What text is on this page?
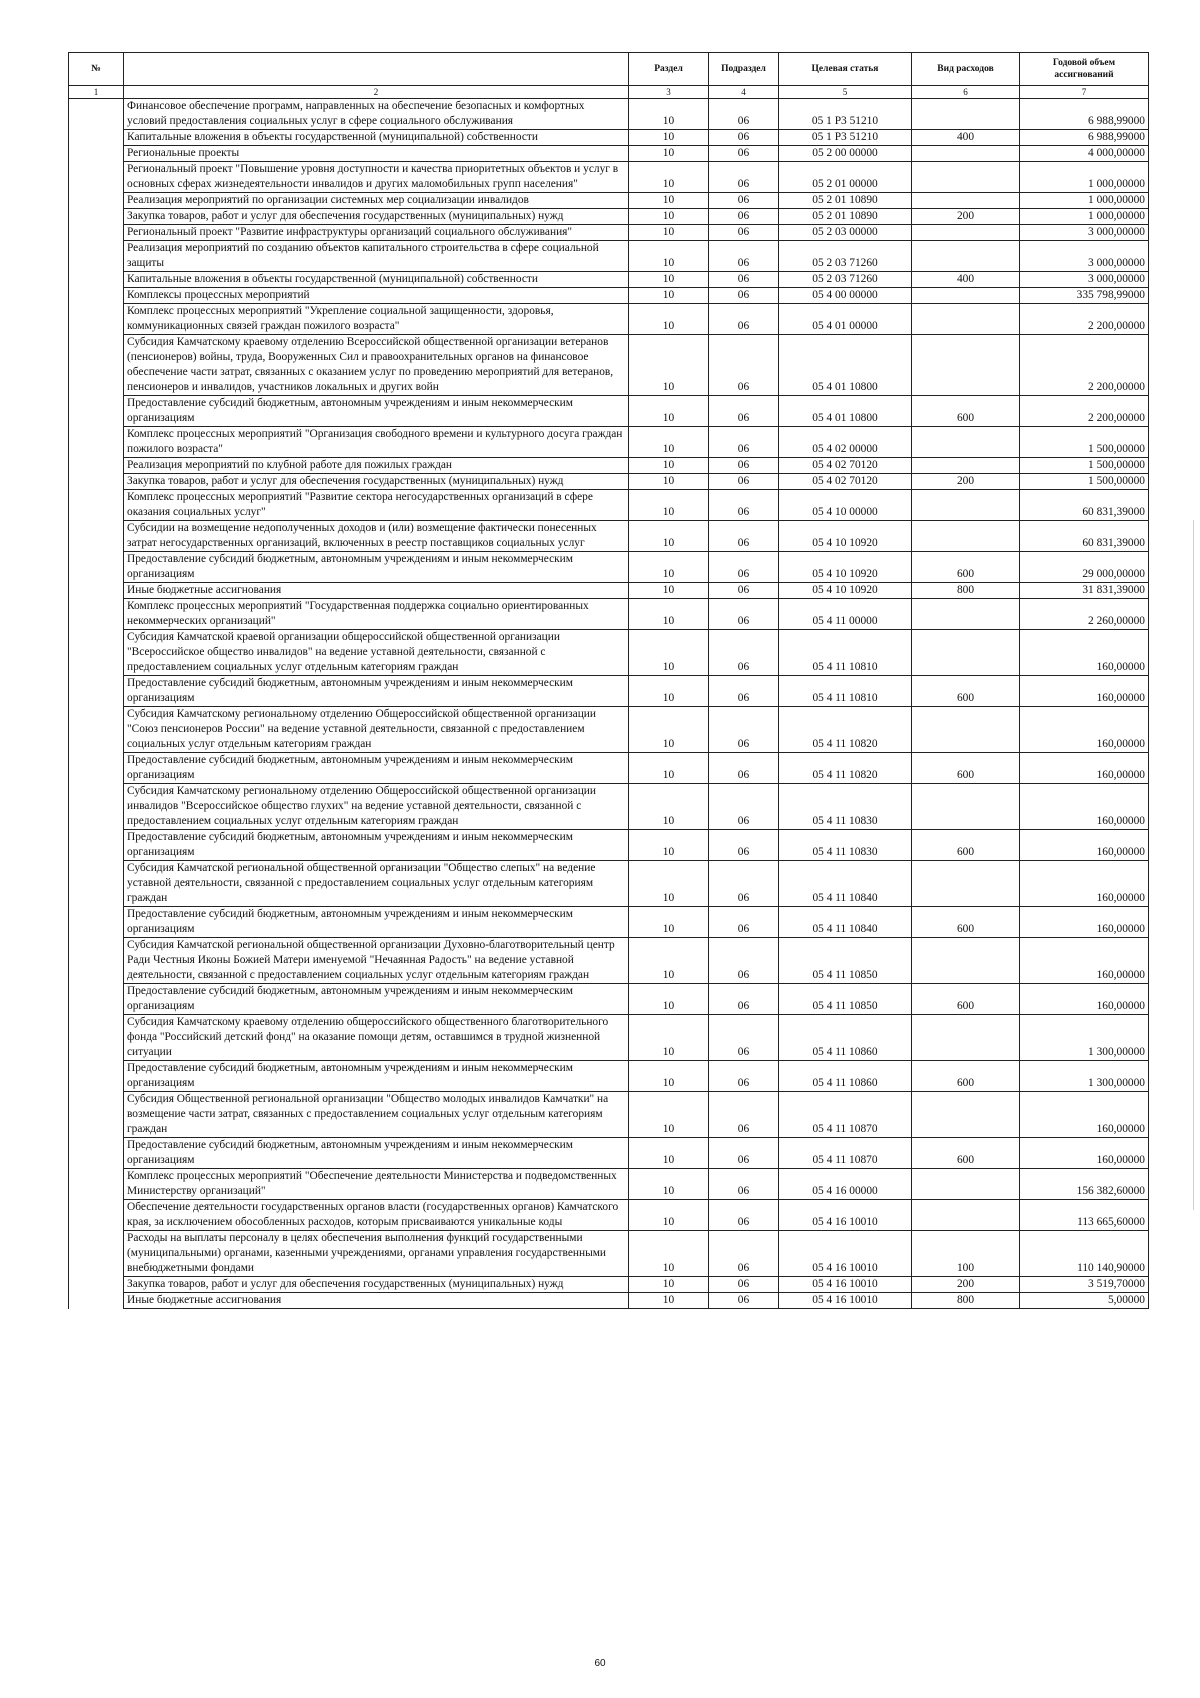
№		Раздел	Подраздел	Целевая статья	Вид расходов	Годовой объем ассигнований
1	2	3	4	5	6	7
	Финансовое обеспечение программ, направленных на обеспечение безопасных и комфортных условий предоставления социальных услуг в сфере социального обслуживания	10	06	05 1 P3 51210		6 988,99000
	Капитальные вложения в объекты государственной (муниципальной) собственности	10	06	05 1 P3 51210	400	6 988,99000
	Региональные проекты	10	06	05 2 00 00000		4 000,00000
	Региональный проект "Повышение уровня доступности и качества приоритетных объектов и услуг в основных сферах жизнедеятельности инвалидов и других маломобильных групп населения"	10	06	05 2 01 00000		1 000,00000
	Реализация мероприятий по организации системных мер социализации инвалидов	10	06	05 2 01 10890		1 000,00000
	Закупка товаров, работ и услуг для обеспечения государственных (муниципальных) нужд	10	06	05 2 01 10890	200	1 000,00000
	Региональный проект "Развитие инфраструктуры организаций социального обслуживания"	10	06	05 2 03 00000		3 000,00000
	Реализация мероприятий по созданию объектов капитального строительства в сфере социальной защиты	10	06	05 2 03 71260		3 000,00000
	Капитальные вложения в объекты государственной (муниципальной) собственности	10	06	05 2 03 71260	400	3 000,00000
	Комплексы процессных мероприятий	10	06	05 4 00 00000		335 798,99000
	Комплекс процессных мероприятий "Укрепление социальной защищенности, здоровья, коммуникационных связей граждан пожилого возраста"	10	06	05 4 01 00000		2 200,00000
	Субсидия Камчатскому краевому отделению Всероссийской общественной организации ветеранов (пенсионеров) войны, труда, Вооруженных Сил и правоохранительных органов на финансовое обеспечение части затрат, связанных с оказанием услуг по проведению мероприятий для ветеранов, пенсионеров и инвалидов, участников локальных и других войн	10	06	05 4 01 10800		2 200,00000
	Предоставление субсидий бюджетным, автономным учреждениям и иным некоммерческим организациям	10	06	05 4 01 10800	600	2 200,00000
	Комплекс процессных мероприятий "Организация свободного времени и культурного досуга граждан пожилого возраста"	10	06	05 4 02 00000		1 500,00000
	Реализация мероприятий по клубной работе для пожилых граждан	10	06	05 4 02 70120		1 500,00000
	Закупка товаров, работ и услуг для обеспечения государственных (муниципальных) нужд	10	06	05 4 02 70120	200	1 500,00000
	Комплекс процессных мероприятий "Развитие сектора негосударственных организаций в сфере оказания социальных услуг"	10	06	05 4 10 00000		60 831,39000
	Субсидии на возмещение недополученных доходов и (или) возмещение фактически понесенных затрат негосударственных организаций, включенных в реестр поставщиков социальных услуг	10	06	05 4 10 10920		60 831,39000
	Предоставление субсидий бюджетным, автономным учреждениям и иным некоммерческим организациям	10	06	05 4 10 10920	600	29 000,00000
	Иные бюджетные ассигнования	10	06	05 4 10 10920	800	31 831,39000
	Комплекс процессных мероприятий "Государственная поддержка социально ориентированных некоммерческих организаций"	10	06	05 4 11 00000		2 260,00000
	Субсидия Камчатской краевой организации общероссийской общественной организации "Всероссийское общество инвалидов" на ведение уставной деятельности, связанной с предоставлением социальных услуг отдельным категориям граждан	10	06	05 4 11 10810		160,00000
	Предоставление субсидий бюджетным, автономным учреждениям и иным некоммерческим организациям	10	06	05 4 11 10810	600	160,00000
	Субсидия Камчатскому региональному отделению Общероссийской общественной организации "Союз пенсионеров России" на ведение уставной деятельности, связанной с предоставлением социальных услуг отдельным категориям граждан	10	06	05 4 11 10820		160,00000
	Предоставление субсидий бюджетным, автономным учреждениям и иным некоммерческим организациям	10	06	05 4 11 10820	600	160,00000
	Субсидия Камчатскому региональному отделению Общероссийской общественной организации инвалидов "Всероссийское общество глухих" на ведение уставной деятельности, связанной с предоставлением социальных услуг отдельным категориям граждан	10	06	05 4 11 10830		160,00000
	Предоставление субсидий бюджетным, автономным учреждениям и иным некоммерческим организациям	10	06	05 4 11 10830	600	160,00000
	Субсидия Камчатской региональной общественной организации "Общество слепых" на ведение уставной деятельности, связанной с предоставлением социальных услуг отдельным категориям граждан	10	06	05 4 11 10840		160,00000
	Предоставление субсидий бюджетным, автономным учреждениям и иным некоммерческим организациям	10	06	05 4 11 10840	600	160,00000
	Субсидия Камчатской региональной общественной организации Духовно-благотворительный центр Ради Честныя Иконы Божией Матери именуемой "Нечаянная Радость" на ведение уставной деятельности, связанной с предоставлением социальных услуг отдельным категориям граждан	10	06	05 4 11 10850		160,00000
	Предоставление субсидий бюджетным, автономным учреждениям и иным некоммерческим организациям	10	06	05 4 11 10850	600	160,00000
	Субсидия Камчатскому краевому отделению общероссийского общественного благотворительного фонда "Российский детский фонд" на оказание помощи детям, оставшимся в трудной жизненной ситуации	10	06	05 4 11 10860		1 300,00000
	Предоставление субсидий бюджетным, автономным учреждениям и иным некоммерческим организациям	10	06	05 4 11 10860	600	1 300,00000
	Субсидия Общественной региональной организации "Общество молодых инвалидов Камчатки" на возмещение части затрат, связанных с предоставлением социальных услуг отдельным категориям граждан	10	06	05 4 11 10870		160,00000
	Предоставление субсидий бюджетным, автономным учреждениям и иным некоммерческим организациям	10	06	05 4 11 10870	600	160,00000
	Комплекс процессных мероприятий "Обеспечение деятельности Министерства и подведомственных Министерству организаций"	10	06	05 4 16 00000		156 382,60000
	Обеспечение деятельности государственных органов власти (государственных органов) Камчатского края, за исключением обособленных расходов, которым присваиваются уникальные коды	10	06	05 4 16 10010		113 665,60000
	Расходы на выплаты персоналу в целях обеспечения выполнения функций государственными (муниципальными) органами, казенными учреждениями, органами управления государственными внебюджетными фондами	10	06	05 4 16 10010	100	110 140,90000
	Закупка товаров, работ и услуг для обеспечения государственных (муниципальных) нужд	10	06	05 4 16 10010	200	3 519,70000
	Иные бюджетные ассигнования	10	06	05 4 16 10010	800	5,00000
60
